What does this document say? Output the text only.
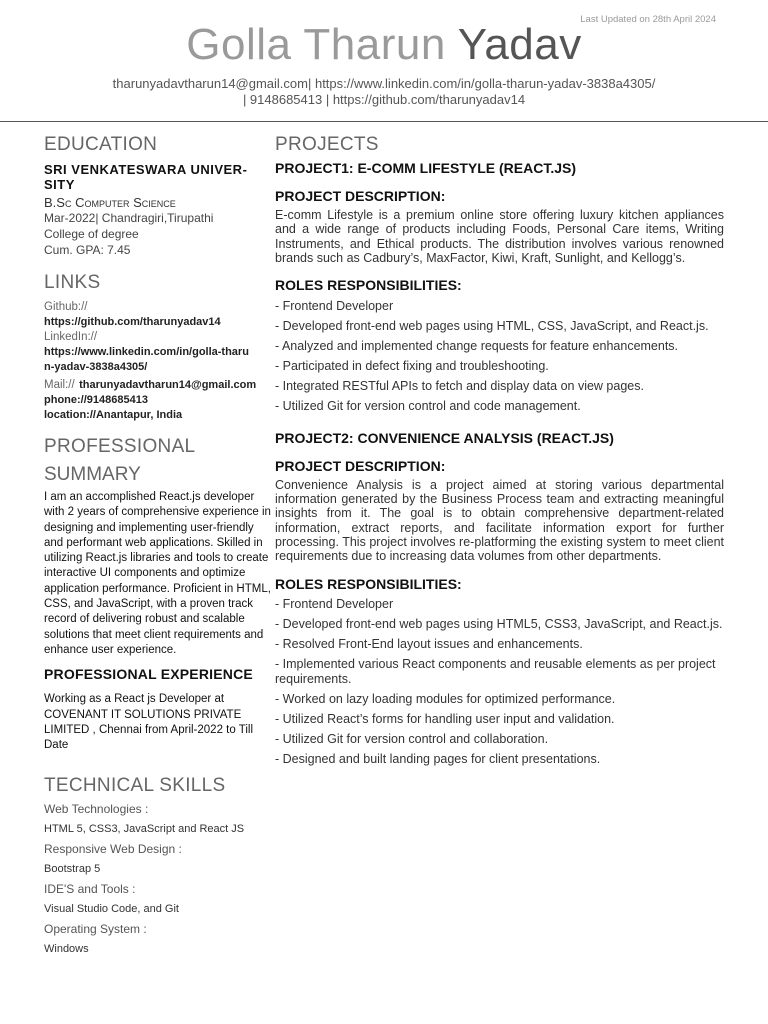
Last Updated on 28th April 2024
Golla Tharun Yadav
tharunyadavtharun14@gmail.com| https://www.linkedin.com/in/golla-tharun-yadav-3838a4305/
| 9148685413 | https://github.com/tharunyadav14
EDUCATION
SRI VENKATESWARA UNIVER-SITY
B.Sc Computer Science
Mar-2022| Chandragiri,Tirupathi
College of degree
Cum. GPA: 7.45
LINKS
Github://
https://github.com/tharunyadav14
LinkedIn://
https://www.linkedin.com/in/golla-tharun-yadav-3838a4305/
Mail:// tharunyadavtharun14@gmail.com
phone://9148685413
location://Anantapur, India
PROFESSIONAL
SUMMARY
I am an accomplished React.js developer with 2 years of comprehensive experience in designing and implementing user-friendly and performant web applications. Skilled in utilizing React.js libraries and tools to create interactive UI components and optimize application performance. Proficient in HTML, CSS, and JavaScript, with a proven track record of delivering robust and scalable solutions that meet client requirements and enhance user experience.
PROFESSIONAL EXPERIENCE
Working as a React js Developer at COVENANT IT SOLUTIONS PRIVATE LIMITED , Chennai from April-2022 to Till Date
TECHNICAL SKILLS
Web Technologies :
HTML 5, CSS3, JavaScript and React JS
Responsive Web Design :
Bootstrap 5
IDE'S and Tools :
Visual Studio Code, and Git
Operating System :
Windows
PROJECTS
PROJECT1: E-COMM LIFESTYLE (REACT.JS)
PROJECT DESCRIPTION:
E-comm Lifestyle is a premium online store offering luxury kitchen appliances and a wide range of products including Foods, Personal Care items, Writing Instruments, and Ethical products. The distribution involves various renowned brands such as Cadbury’s, MaxFactor, Kiwi, Kraft, Sunlight, and Kellogg’s.
ROLES RESPONSIBILITIES:
- Frontend Developer
- Developed front-end web pages using HTML, CSS, JavaScript, and React.js.
- Analyzed and implemented change requests for feature enhancements.
- Participated in defect fixing and troubleshooting.
- Integrated RESTful APIs to fetch and display data on view pages.
- Utilized Git for version control and code management.
PROJECT2: CONVENIENCE ANALYSIS (REACT.JS)
PROJECT DESCRIPTION:
Convenience Analysis is a project aimed at storing various departmental information generated by the Business Process team and extracting meaningful insights from it. The goal is to obtain comprehensive department-related information, extract reports, and facilitate information export for further processing. This project involves re-platforming the existing system to meet client requirements due to increasing data volumes from other departments.
ROLES RESPONSIBILITIES:
- Frontend Developer
- Developed front-end web pages using HTML5, CSS3, JavaScript, and React.js.
- Resolved Front-End layout issues and enhancements.
- Implemented various React components and reusable elements as per project requirements.
- Worked on lazy loading modules for optimized performance.
- Utilized React’s forms for handling user input and validation.
- Utilized Git for version control and collaboration.
- Designed and built landing pages for client presentations.
